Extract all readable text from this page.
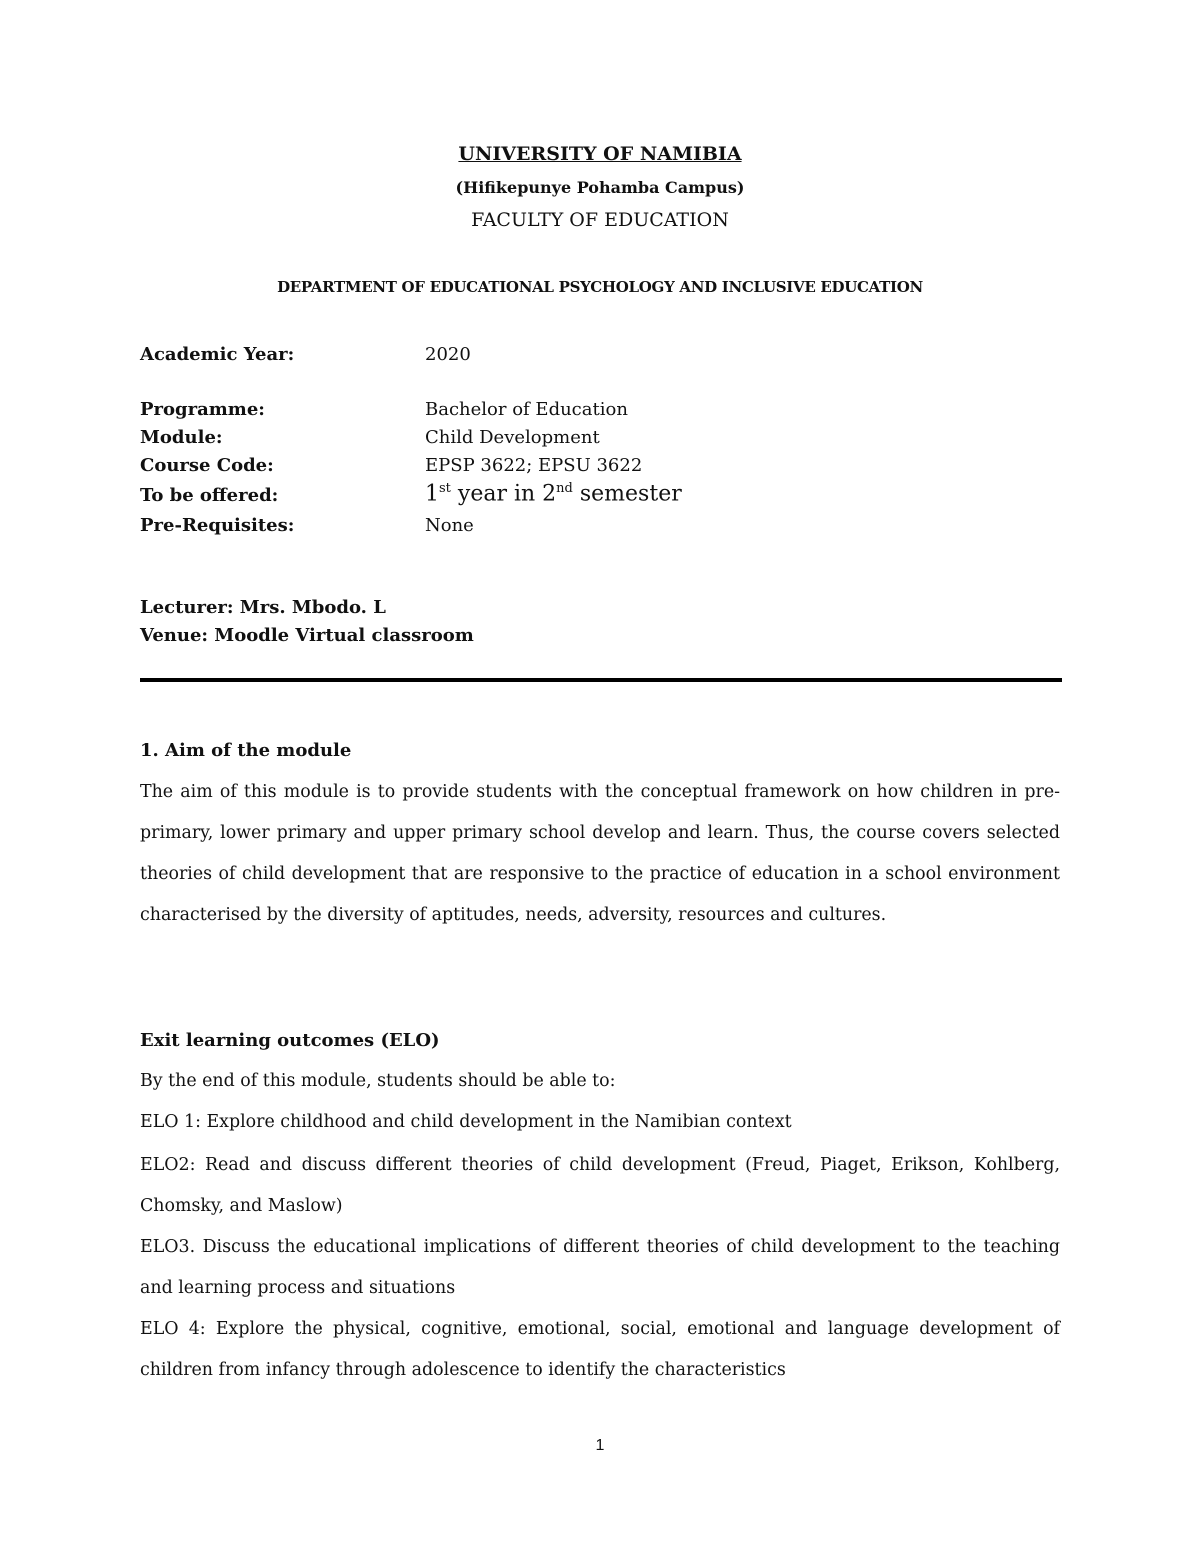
UNIVERSITY OF NAMIBIA
(Hifikepunye Pohamba Campus)
FACULTY OF EDUCATION
DEPARTMENT OF EDUCATIONAL PSYCHOLOGY AND INCLUSIVE EDUCATION
Academic Year:	2020
Programme:	Bachelor of Education
Module:	Child Development
Course Code:	EPSP 3622; EPSU 3622
To be offered:	1st year in 2nd semester
Pre-Requisites:	None
Lecturer: Mrs. Mbodo. L
Venue: Moodle Virtual classroom
1. Aim of the module
The aim of this module is to provide students with the conceptual framework on how children in pre-primary, lower primary and upper primary school develop and learn. Thus, the course covers selected theories of child development that are responsive to the practice of education in a school environment characterised by the diversity of aptitudes, needs, adversity, resources and cultures.
Exit learning outcomes (ELO)
By the end of this module, students should be able to:
ELO 1: Explore childhood and child development in the Namibian context
ELO2: Read and discuss different theories of child development (Freud, Piaget, Erikson, Kohlberg, Chomsky, and Maslow)
ELO3. Discuss the educational implications of different theories of child development to the teaching and learning process and situations
ELO 4: Explore the physical, cognitive, emotional, social, emotional and language development of children from infancy through adolescence to identify the characteristics
1
